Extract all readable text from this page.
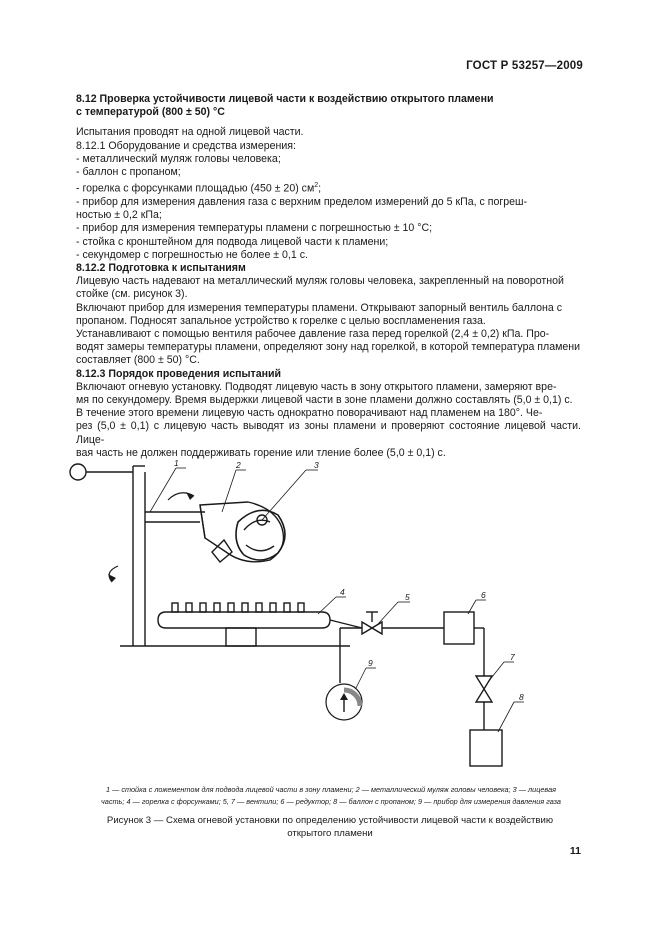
ГОСТ Р 53257—2009

8.12 Проверка устойчивости лицевой части к воздействию открытого пламени

с температурой (800 ± 50) °С

Испытания проводят на одной лицевой части.

8.12.1 Оборудование и средства измерения:

- металлический муляж головы человека;

- баллон с пропаном;

- горелка с форсунками площадью (450 ± 20) $см^2$;

- прибор для измерения давления газа с верхним пределом измерений до 5 кПа, с погреш-

ностью ± 0,2 кПа;

- прибор для измерения температуры пламени с погрешностью ± 10 °С;

- стойка с кронштейном для подвода лицевой части к пламени;

- секундомер с погрешностью не более ± 0,1 с.

8.12.2 Подготовка к испытаниям

Лицевую часть надевают на металлический муляж головы человека, закрепленный на поворотной

стойке (см. рисунок 3).

Включают прибор для измерения температуры пламени. Открывают запорный вентиль баллона с

пропаном. Подносят запальное устройство к горелке с целью воспламенения газа.

Устанавливают с помощью вентиля рабочее давление газа перед горелкой (2,4 ± 0,2) кПа. Про-

водят замеры температуры пламени, определяют зону над горелкой, в которой температура пламени

составляет (800 ± 50) °С.

8.12.3 Порядок проведения испытаний

Включают огневую установку. Подводят лицевую часть в зону открытого пламени, замеряют вре-

мя по секундомеру. Время выдержки лицевой части в зоне пламени должно составлять (5,0 ± 0,1) с.

В течение этого времени лицевую часть однократно поворачивают над пламенем на 180°. Че-

рез (5,0 ± 0,1) с лицевую часть выводят из зоны пламени и проверяют состояние лицевой части. Лице-

вая часть не должен поддерживать горение или тление более (5,0 ± 0,1) с.

1	2	3
4	5	6
7
8
9
1 — стойка с ложементом для подвода лицевой части в зону пламени; 2 — металлический муляж головы человека; 3 — лицевая
часть; 4 — горелка с форсунками; 5, 7 — вентили; 6 — редуктор; 8 — баллон с пропаном; 9 — прибор для измерения давления газа
Рисунок 3 — Схема огневой установки по определению устойчивости лицевой части к воздействию
открытого пламени
11
